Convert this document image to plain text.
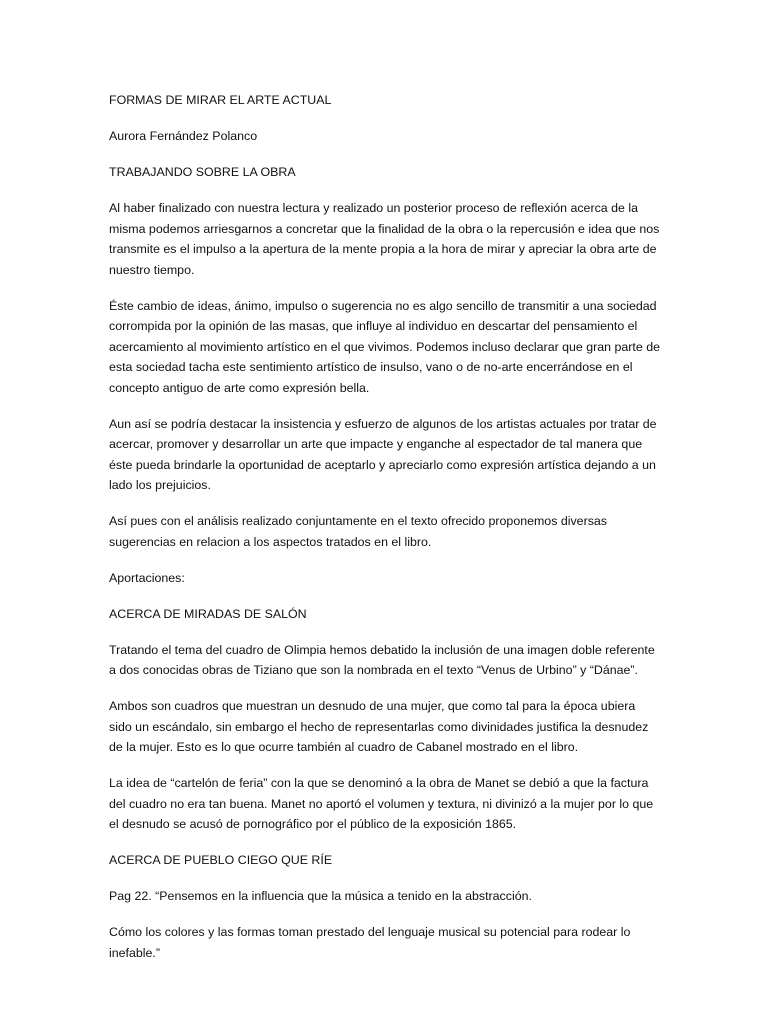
FORMAS DE MIRAR EL ARTE ACTUAL

Aurora Fernández Polanco

TRABAJANDO SOBRE LA OBRA

Al haber finalizado con nuestra lectura y realizado un posterior proceso de reflexión acerca de la misma podemos arriesgarnos a concretar que la finalidad de la obra o la repercusión e idea que nos transmite es el impulso a la apertura de la mente propia a la hora de mirar y apreciar la obra arte de nuestro tiempo.

Éste cambio de ideas, ánimo, impulso o sugerencia no es algo sencillo de transmitir a una sociedad corrompida por la opinión de las masas, que influye al individuo en descartar del pensamiento el acercamiento al movimiento artístico en el que vivimos. Podemos incluso declarar que gran parte de esta sociedad tacha este sentimiento artístico de insulso, vano o de no-arte encerrándose en el concepto antiguo de arte como expresión bella.

Aun así se podría destacar la insistencia y esfuerzo de algunos de los artistas actuales por tratar de acercar, promover y desarrollar un arte que impacte y enganche al espectador de tal manera que éste pueda brindarle la oportunidad de aceptarlo y apreciarlo como expresión artística dejando a un lado los prejuicios.

Así pues con el análisis realizado conjuntamente en el texto ofrecido proponemos diversas sugerencias en relacion a los aspectos tratados en el libro.

Aportaciones:

ACERCA DE MIRADAS DE SALÓN

Tratando el tema del cuadro de Olimpia hemos debatido la inclusión de una imagen doble referente a dos conocidas obras de Tiziano que son la nombrada en el texto “Venus de Urbino” y “Dánae”.

Ambos son cuadros que muestran un desnudo de una mujer, que como tal para la época ubiera sido un escándalo, sin embargo el hecho de representarlas como divinidades justifica la desnudez de la mujer. Esto es lo que ocurre también al cuadro de Cabanel mostrado en el libro.

La idea de “cartelón de feria” con la que se denominó a la obra de Manet se debió a que la factura del cuadro no era tan buena. Manet no aportó el volumen y textura, ni divinizó a la mujer por lo que el desnudo se acusó de pornográfico por el público de la exposición 1865.

ACERCA DE PUEBLO CIEGO QUE RÍE

Pag 22. “Pensemos en la influencia que la música a tenido en la abstracción.

Cómo los colores y las formas toman prestado del lenguaje musical su potencial para rodear lo inefable.”
